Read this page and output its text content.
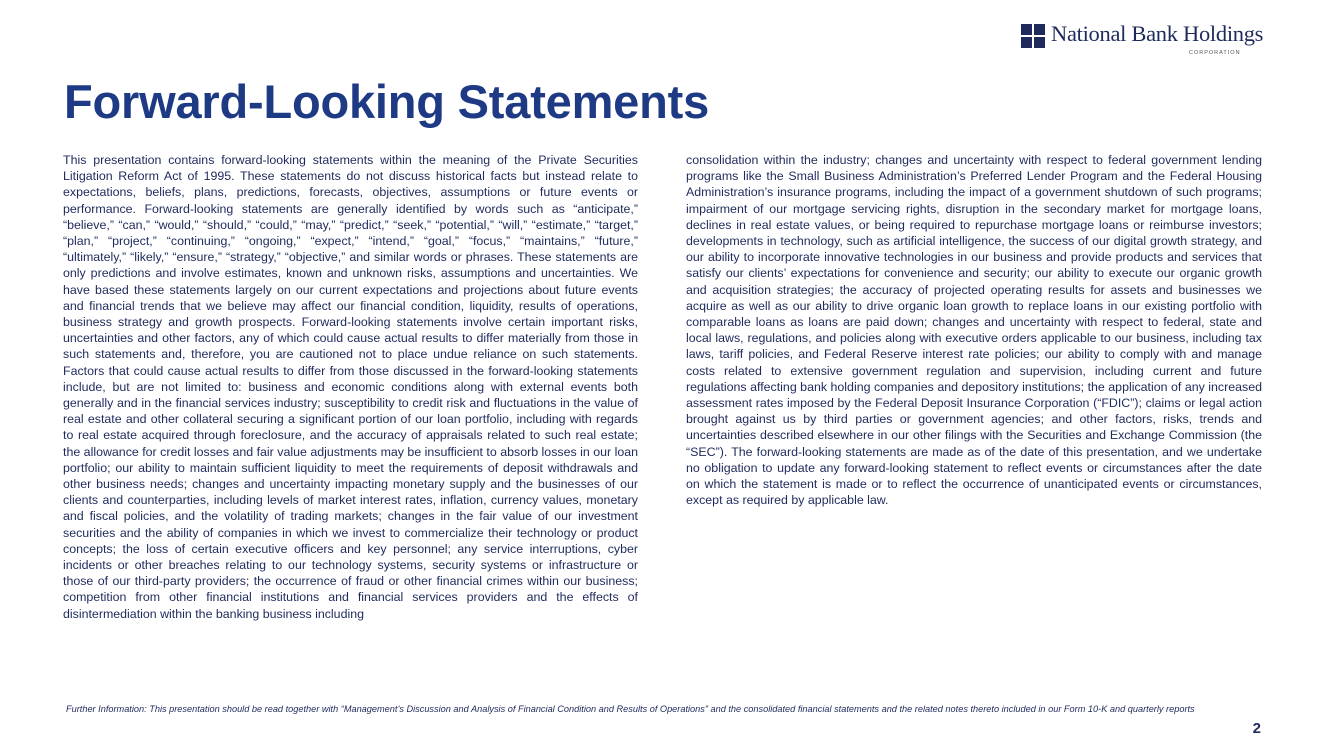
National Bank Holdings
CORPORATION
Forward-Looking Statements

This presentation contains forward-looking statements within the meaning of the Private Securities Litigation Reform Act of 1995. These statements do not discuss historical facts but instead relate to expectations, beliefs, plans, predictions, forecasts, objectives, assumptions or future events or performance. Forward-looking statements are generally identified by words such as “anticipate,” “believe,” “can,” “would,” “should,” “could,” “may,” “predict,” “seek,” “potential,” “will,” “estimate,” “target,” “plan,” “project,” “continuing,” “ongoing,” “expect,” “intend,” “goal,” “focus,” “maintains,” “future,” “ultimately,” “likely,” “ensure,” “strategy,” “objective,” and similar words or phrases. These statements are only predictions and involve estimates, known and unknown risks, assumptions and uncertainties. We have based these statements largely on our current expectations and projections about future events and financial trends that we believe may affect our financial condition, liquidity, results of operations, business strategy and growth prospects. Forward-looking statements involve certain important risks, uncertainties and other factors, any of which could cause actual results to differ materially from those in such statements and, therefore, you are cautioned not to place undue reliance on such statements. Factors that could cause actual results to differ from those discussed in the forward-looking statements include, but are not limited to: business and economic conditions along with external events both generally and in the financial services industry; susceptibility to credit risk and fluctuations in the value of real estate and other collateral securing a significant portion of our loan portfolio, including with regards to real estate acquired through foreclosure, and the accuracy of appraisals related to such real estate; the allowance for credit losses and fair value adjustments may be insufficient to absorb losses in our loan portfolio; our ability to maintain sufficient liquidity to meet the requirements of deposit withdrawals and other business needs; changes and uncertainty impacting monetary supply and the businesses of our clients and counterparties, including levels of market interest rates, inflation, currency values, monetary and fiscal policies, and the volatility of trading markets; changes in the fair value of our investment securities and the ability of companies in which we invest to commercialize their technology or product concepts; the loss of certain executive officers and key personnel; any service interruptions, cyber incidents or other breaches relating to our technology systems, security systems or infrastructure or those of our third-party providers; the occurrence of fraud or other financial crimes within our business; competition from other financial institutions and financial services providers and the effects of disintermediation within the banking business including

consolidation within the industry; changes and uncertainty with respect to federal government lending programs like the Small Business Administration’s Preferred Lender Program and the Federal Housing Administration’s insurance programs, including the impact of a government shutdown of such programs; impairment of our mortgage servicing rights, disruption in the secondary market for mortgage loans, declines in real estate values, or being required to repurchase mortgage loans or reimburse investors; developments in technology, such as artificial intelligence, the success of our digital growth strategy, and our ability to incorporate innovative technologies in our business and provide products and services that satisfy our clients’ expectations for convenience and security; our ability to execute our organic growth and acquisition strategies; the accuracy of projected operating results for assets and businesses we acquire as well as our ability to drive organic loan growth to replace loans in our existing portfolio with comparable loans as loans are paid down; changes and uncertainty with respect to federal, state and local laws, regulations, and policies along with executive orders applicable to our business, including tax laws, tariff policies, and Federal Reserve interest rate policies; our ability to comply with and manage costs related to extensive government regulation and supervision, including current and future regulations affecting bank holding companies and depository institutions; the application of any increased assessment rates imposed by the Federal Deposit Insurance Corporation (“FDIC”); claims or legal action brought against us by third parties or government agencies; and other factors, risks, trends and uncertainties described elsewhere in our other filings with the Securities and Exchange Commission (the “SEC”). The forward-looking statements are made as of the date of this presentation, and we undertake no obligation to update any forward-looking statement to reflect events or circumstances after the date on which the statement is made or to reflect the occurrence of unanticipated events or circumstances, except as required by applicable law.

Further Information: This presentation should be read together with “Management’s Discussion and Analysis of Financial Condition and Results of Operations” and the consolidated financial statements and the related notes thereto included in our Form 10-K and quarterly reports

2
